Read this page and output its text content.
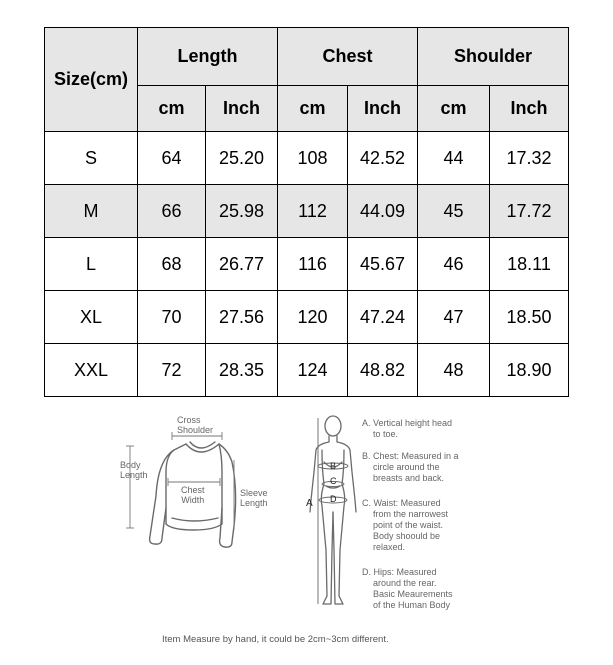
Size(cm)	Length		Chest		Shoulder	
	cm	Inch	cm	Inch	cm	Inch
S	64	25.20	108	42.52	44	17.32
M	66	25.98	112	44.09	45	17.72
L	68	26.77	116	45.67	46	18.11
XL	70	27.56	120	47.24	47	18.50
XXL	72	28.35	124	48.82	48	18.90
Cross
Shoulder
Body
Length
Chest
Width
Sleeve
Length	A
B
C
D
A. Vertical height head
to toe.
B. Chest: Measured in a
circle around the
breasts and back.
C. Waist: Measured
from the narrowest
point of the waist.
Body shoould be
relaxed.
D. Hips: Measured
around the rear.
Basic Meaurements
of the Human Body
Item Measure by hand, it could be 2cm~3cm different.
